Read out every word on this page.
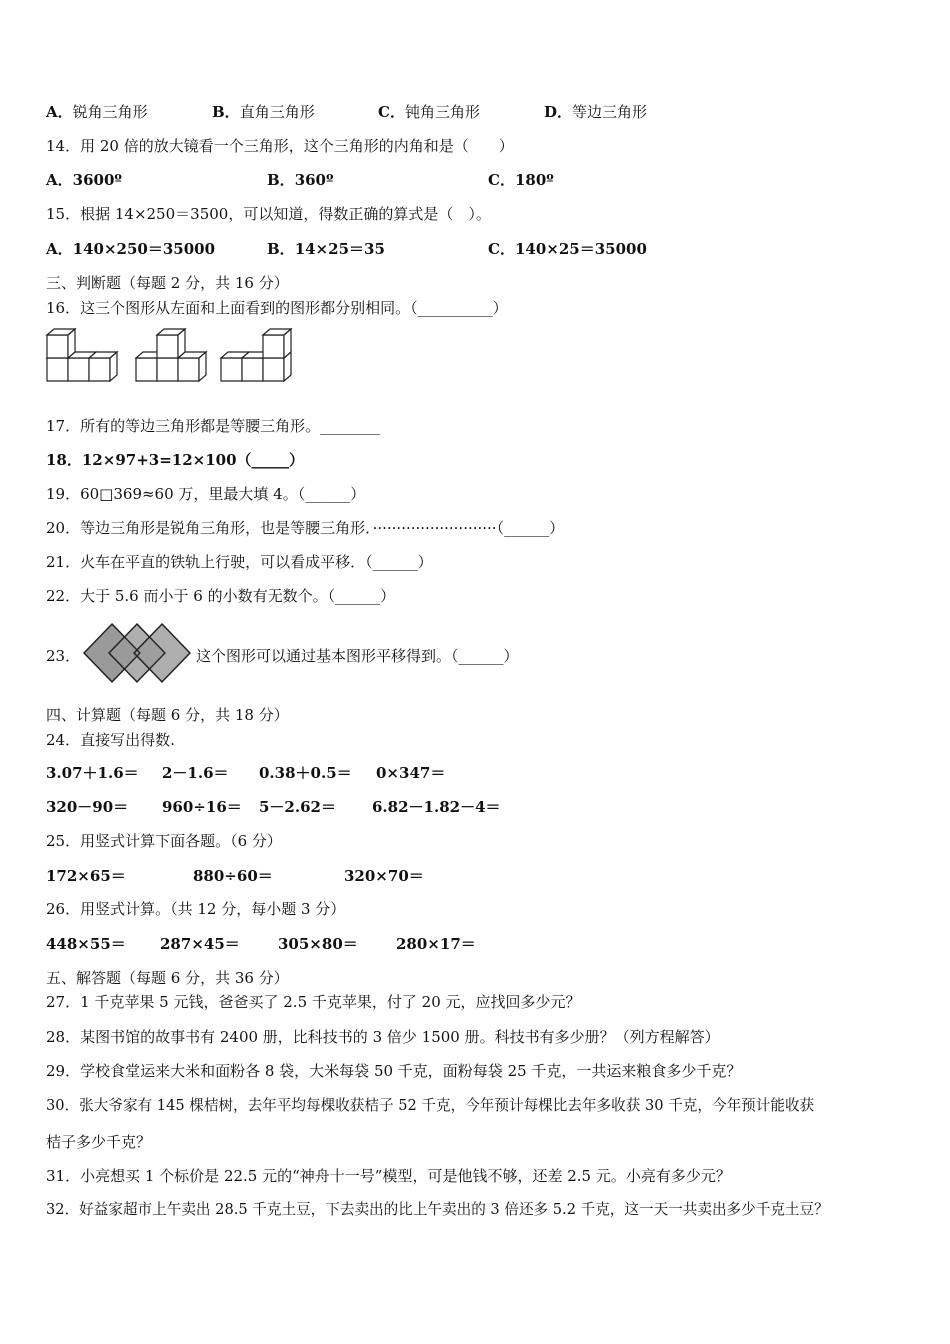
A．锐角三角形	B．直角三角形	C．钝角三角形	D．等边三角形
14．用 20 倍的放大镜看一个三角形，这个三角形的内角和是（　　）
A．3600º	B．360º	C．180º
15．根据 14×250＝3500，可以知道，得数正确的算式是（　）。
A．140×250＝35000	B．14×25＝35	C．140×25＝35000
三、判断题（每题 2 分，共 16 分）
16．这三个图形从左面和上面看到的图形都分别相同。（__________）
17．所有的等边三角形都是等腰三角形。________
18．12×97+3=12×100（_____）
19．60□369≈60 万，里最大填 4。（______）
20．等边三角形是锐角三角形，也是等腰三角形．··························（______）
21．火车在平直的铁轨上行驶，可以看成平移．（______）
22．大于 5.6 而小于 6 的小数有无数个。（______）
23．	这个图形可以通过基本图形平移得到。（______）
四、计算题（每题 6 分，共 18 分）
24．直接写出得数.
3.07＋1.6＝ 2－1.6＝ 0.38＋0.5＝ 0×347＝
320－90＝ 960÷16＝ 5－2.62＝ 6.82－1.82－4＝
25．用竖式计算下面各题。（6 分）
172×65＝	880÷60＝	320×70＝
26．用竖式计算。（共 12 分，每小题 3 分）
448×55＝ 287×45＝	305×80＝	280×17＝
五、解答题（每题 6 分，共 36 分）
27．1 千克苹果 5 元钱，爸爸买了 2.5 千克苹果，付了 20 元，应找回多少元？
28．某图书馆的故事书有 2400 册，比科技书的 3 倍少 1500 册。科技书有多少册？（列方程解答）
29．学校食堂运来大米和面粉各 8 袋，大米每袋 50 千克，面粉每袋 25 千克，一共运来粮食多少千克？
30．张大爷家有 145 棵桔树，去年平均每棵收获桔子 52 千克，今年预计每棵比去年多收获 30 千克，今年预计能收获
桔子多少千克？
31．小亮想买 1 个标价是 22.5 元的“神舟十一号”模型，可是他钱不够，还差 2.5 元。小亮有多少元？
32．好益家超市上午卖出 28.5 千克土豆，下去卖出的比上午卖出的 3 倍还多 5.2 千克，这一天一共卖出多少千克土豆？
